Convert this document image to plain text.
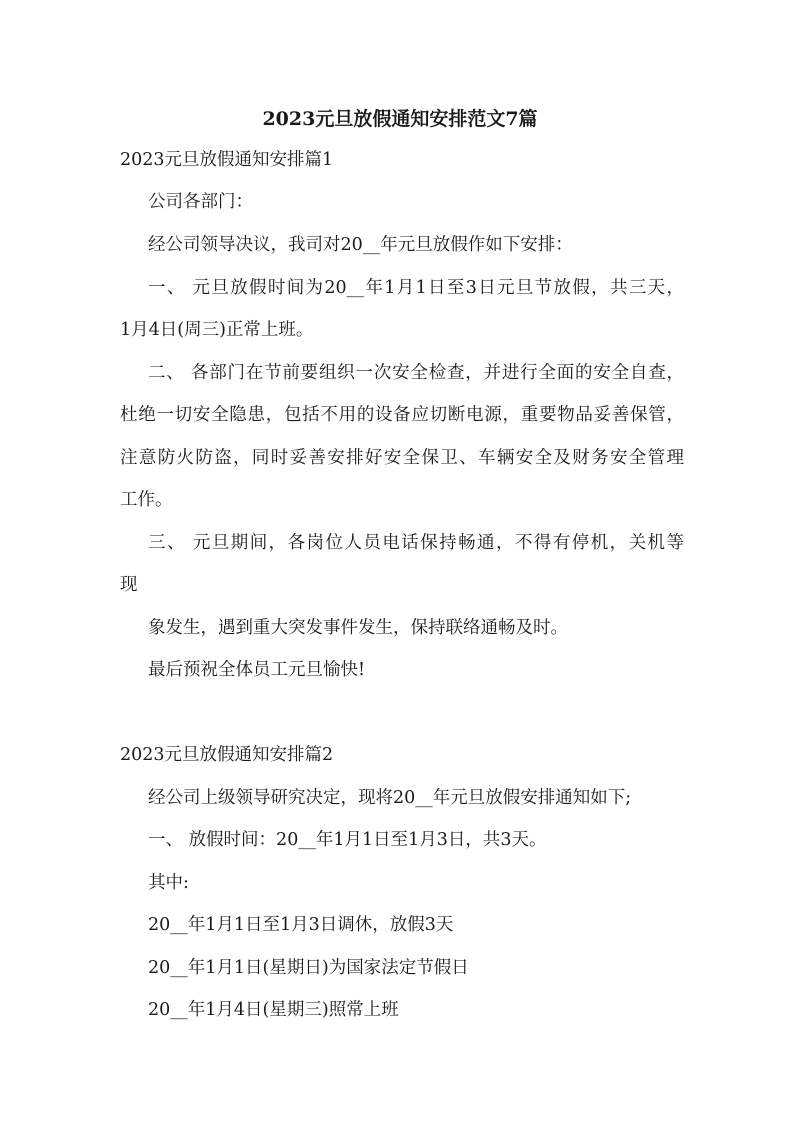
2023元旦放假通知安排范文7篇
2023元旦放假通知安排篇1
公司各部门：
经公司领导决议，我司对20__年元旦放假作如下安排：
一、 元旦放假时间为20__年1月1日至3日元旦节放假，共三天，
1月4日(周三)正常上班。
二、 各部门在节前要组织一次安全检查，并进行全面的安全自查，
杜绝一切安全隐患，包括不用的设备应切断电源，重要物品妥善保管，
注意防火防盗，同时妥善安排好安全保卫、车辆安全及财务安全管理
工作。
三、 元旦期间，各岗位人员电话保持畅通，不得有停机，关机等
现
象发生，遇到重大突发事件发生，保持联络通畅及时。
最后预祝全体员工元旦愉快!
2023元旦放假通知安排篇2
经公司上级领导研究决定，现将20__年元旦放假安排通知如下;
一、 放假时间：20__年1月1日至1月3日，共3天。
其中:
20__年1月1日至1月3日调休，放假3天
20__年1月1日(星期日)为国家法定节假日
20__年1月4日(星期三)照常上班
